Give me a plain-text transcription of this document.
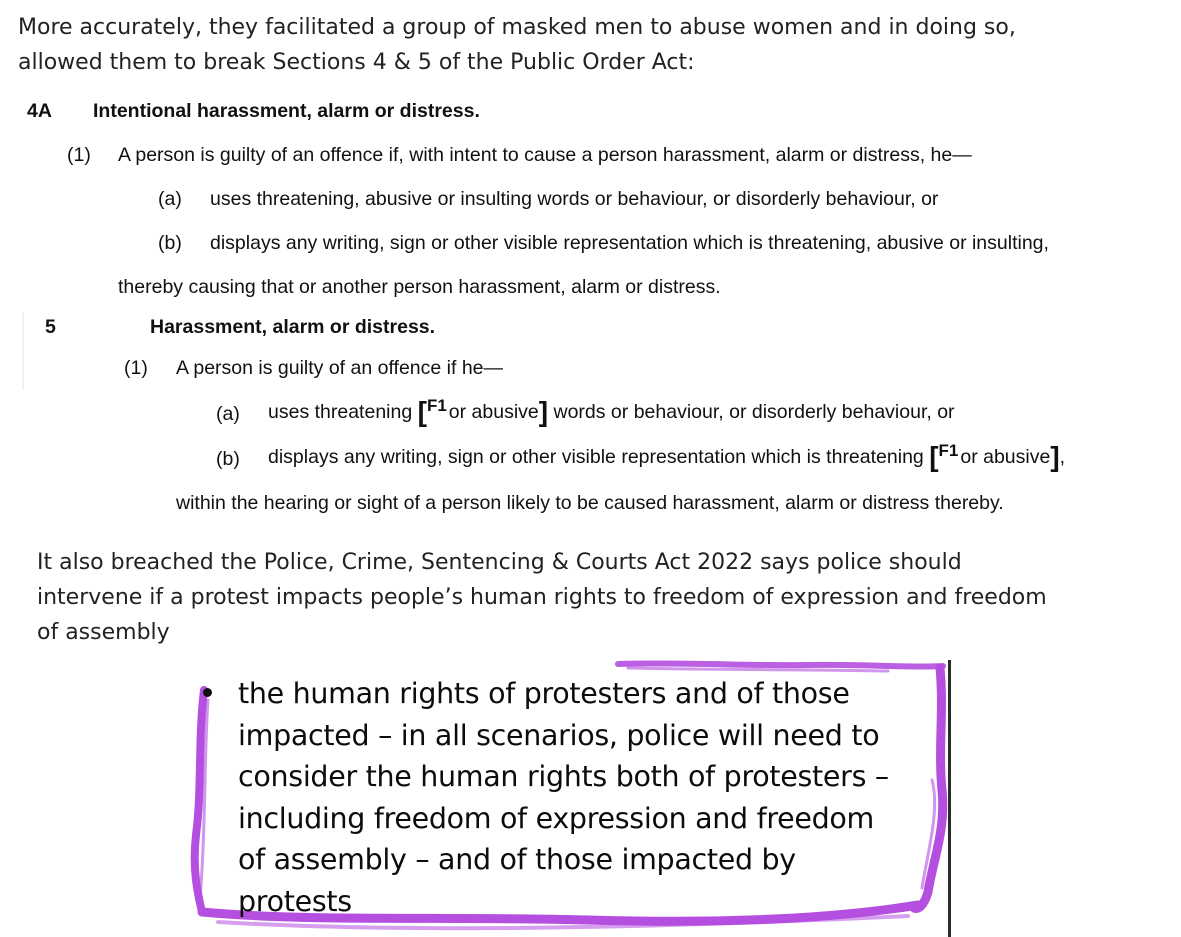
More accurately, they facilitated a group of masked men to abuse women and in doing so,
allowed them to break Sections 4 & 5 of the Public Order Act:
4A Intentional harassment, alarm or distress.
(1) A person is guilty of an offence if, with intent to cause a person harassment, alarm or distress, he—
(a) uses threatening, abusive or insulting words or behaviour, or disorderly behaviour, or
(b) displays any writing, sign or other visible representation which is threatening, abusive or insulting,
thereby causing that or another person harassment, alarm or distress.
5	Harassment, alarm or distress.
(1) A person is guilty of an offence if he—
(a) uses threatening [F1 or abusive] words or behaviour, or disorderly behaviour, or
(b) displays any writing, sign or other visible representation which is threatening [F1 or abusive],
within the hearing or sight of a person likely to be caused harassment, alarm or distress thereby.
It also breached the Police, Crime, Sentencing & Courts Act 2022 says police should
intervene if a protest impacts people’s human rights to freedom of expression and freedom
of assembly
the human rights of protesters and of those
impacted – in all scenarios, police will need to
consider the human rights both of protesters –
including freedom of expression and freedom
of assembly – and of those impacted by
protests
